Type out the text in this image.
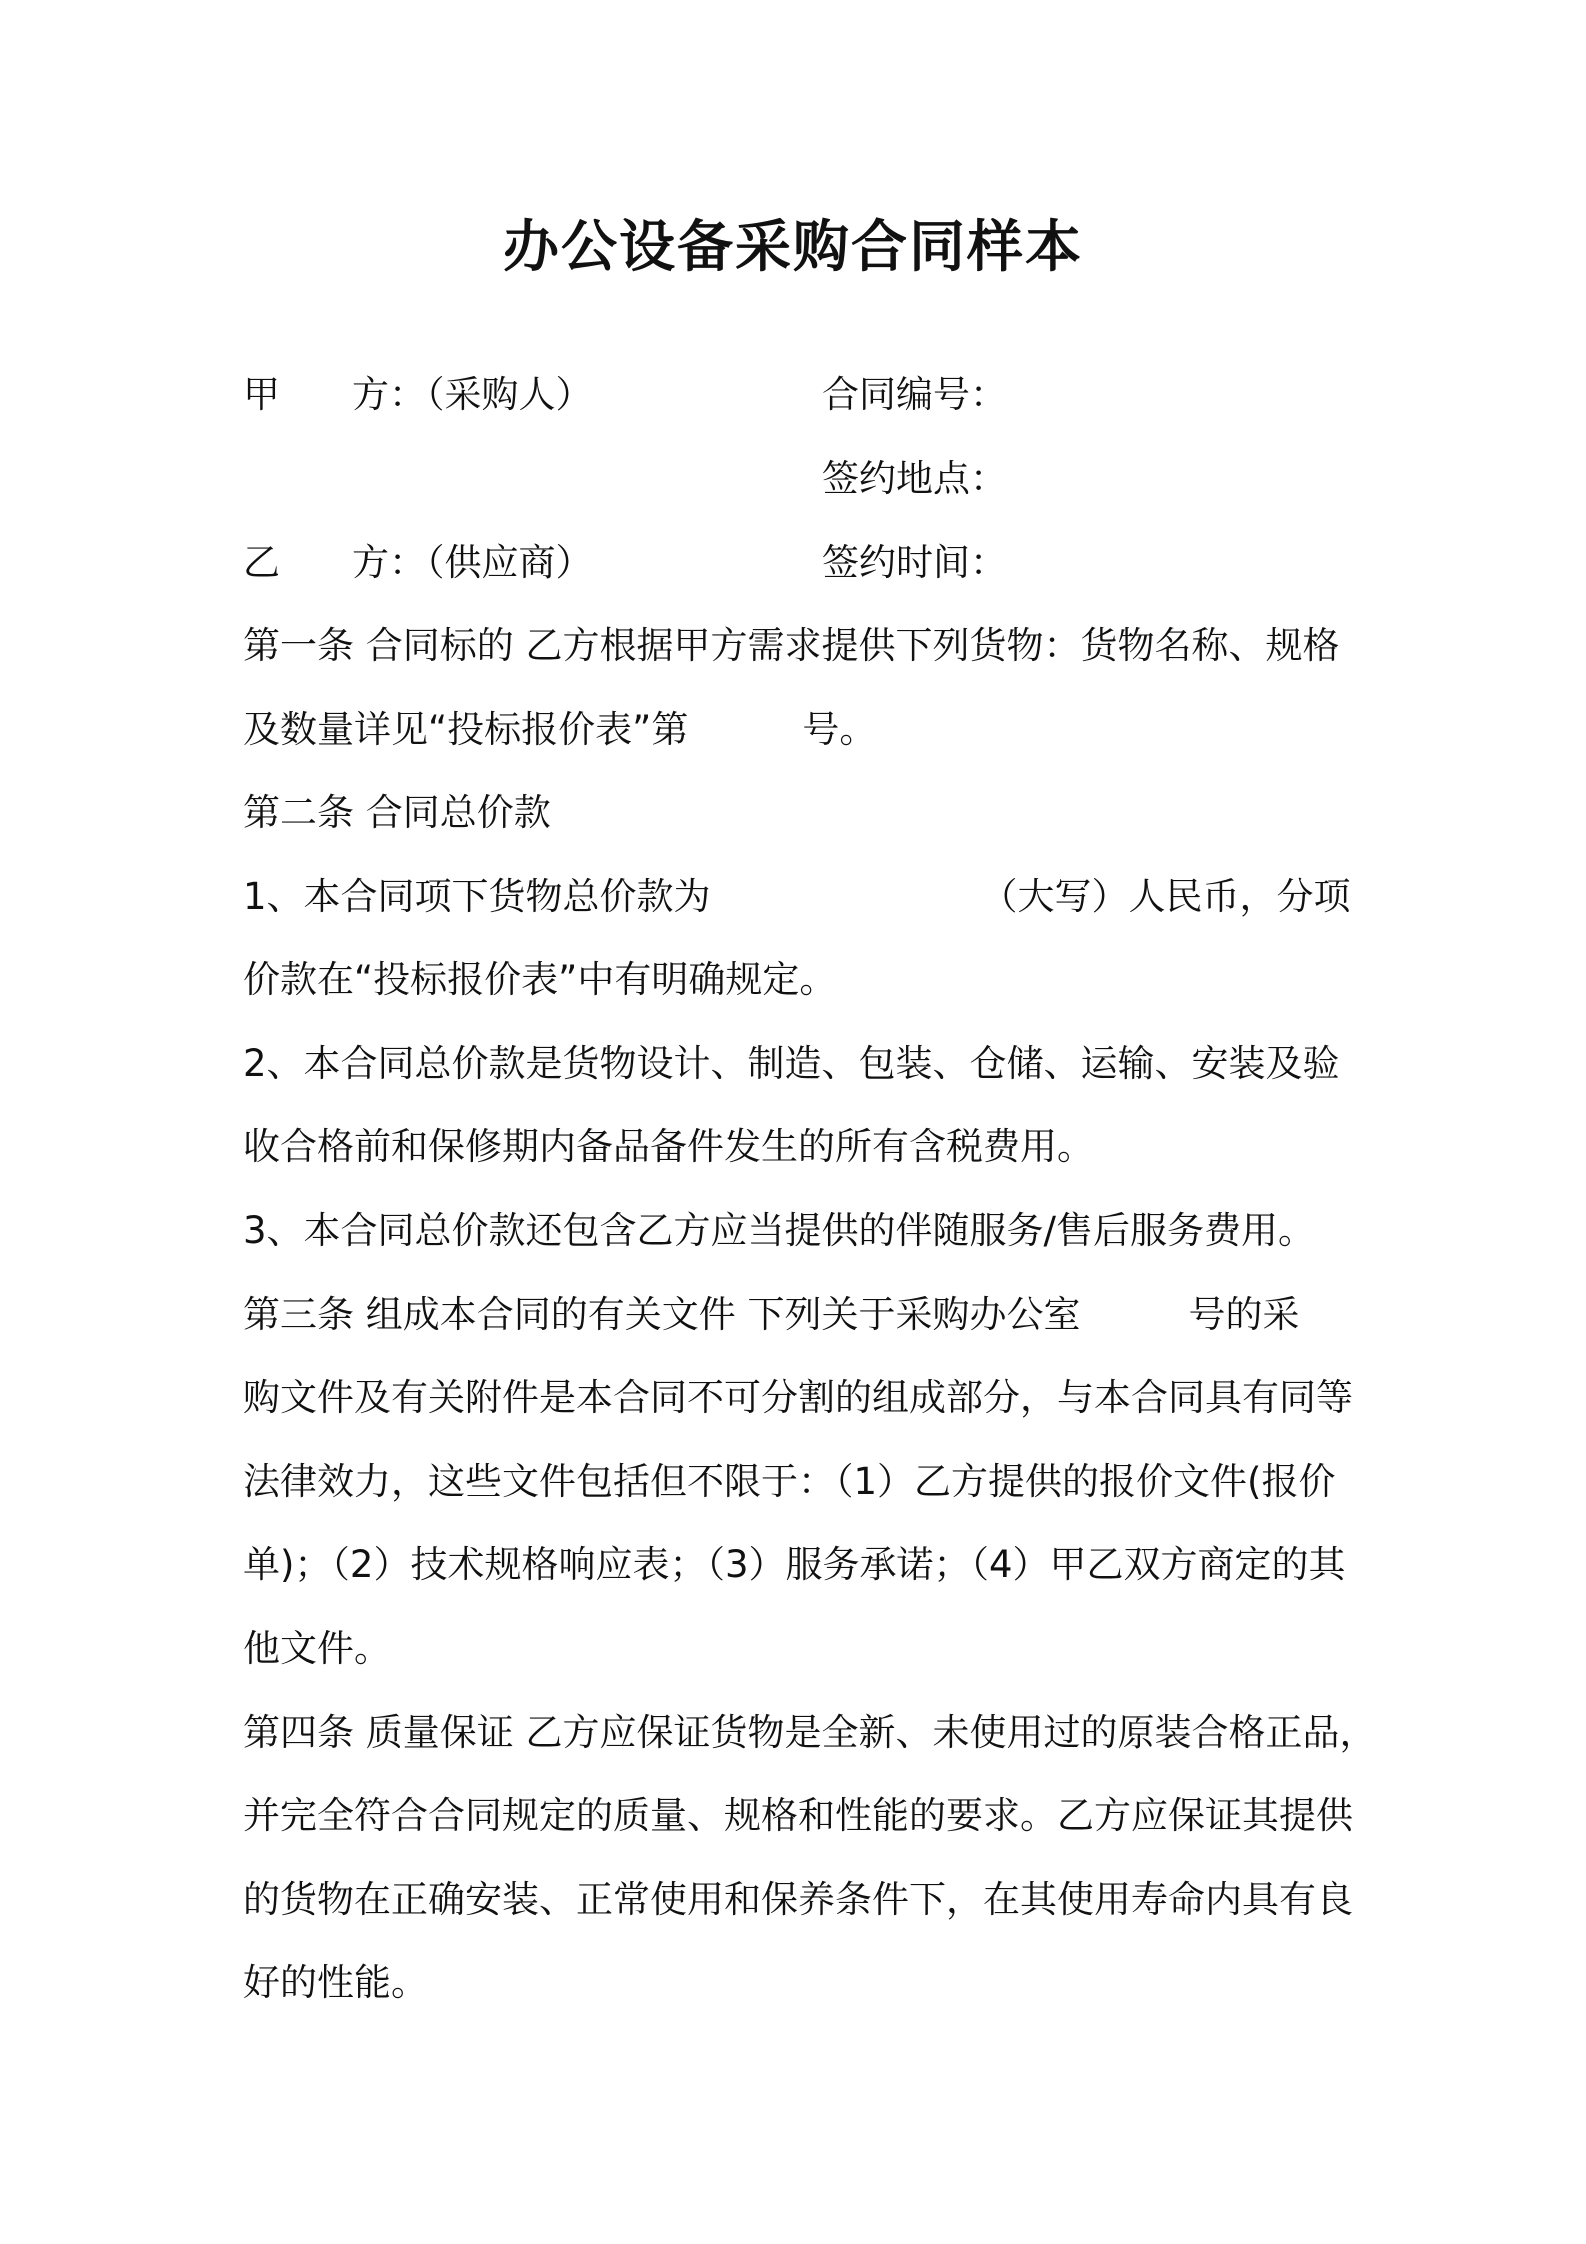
办公设备采购合同样本
甲 方：（采购人）	合同编号：
签约地点：
乙 方：（供应商）	签约时间：
第一条 合同标的 乙方根据甲方需求提供下列货物：货物名称、规格
及数量详见“投标报价表”第	号。
第二条 合同总价款
1、本合同项下货物总价款为	（大写）人民币，分项
价款在“投标报价表”中有明确规定。
2、本合同总价款是货物设计、制造、包装、仓储、运输、安装及验
收合格前和保修期内备品备件发生的所有含税费用。
3、本合同总价款还包含乙方应当提供的伴随服务/售后服务费用。
第三条 组成本合同的有关文件 下列关于采购办公室	号的采
购文件及有关附件是本合同不可分割的组成部分，与本合同具有同等
法律效力，这些文件包括但不限于：（1）乙方提供的报价文件(报价
单)；（2）技术规格响应表；（3）服务承诺；（4）甲乙双方商定的其
他文件。
第四条 质量保证 乙方应保证货物是全新、未使用过的原装合格正品，
并完全符合合同规定的质量、规格和性能的要求。乙方应保证其提供
的货物在正确安装、正常使用和保养条件下，在其使用寿命内具有良
好的性能。
